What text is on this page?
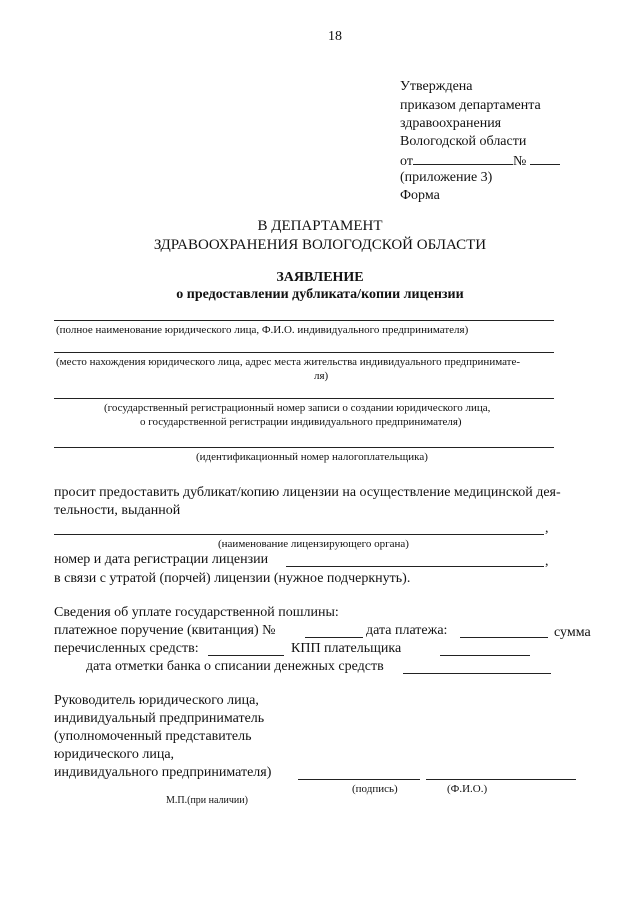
18
Утверждена
приказом департамента
здравоохранения
Вологодской области
от	№
(приложение 3)
Форма
В ДЕПАРТАМЕНТ
ЗДРАВООХРАНЕНИЯ ВОЛОГОДСКОЙ ОБЛАСТИ
ЗАЯВЛЕНИЕ
о предоставлении дубликата/копии лицензии
(полное наименование юридического лица, Ф.И.О. индивидуального предпринимателя)
(место нахождения юридического лица, адрес места жительства индивидуального предпринимате-
ля)
(государственный регистрационный номер записи о создании юридического лица,
о государственной регистрации индивидуального предпринимателя)
(идентификационный номер налогоплательщика)
просит предоставить дубликат/копию лицензии на осуществление медицинской дея-
тельности, выданной
,
(наименование лицензирующего органа)
номер и дата регистрации лицензии	,
в связи с утратой (порчей) лицензии (нужное подчеркнуть).
Сведения об уплате государственной пошлины:
платежное поручение (квитанция) №	дата платежа:	сумма
перечисленных средств:	КПП плательщика
дата отметки банка о списании денежных средств
Руководитель юридического лица,
индивидуальный предприниматель
(уполномоченный представитель
юридического лица,
индивидуального предпринимателя)
(подпись)	(Ф.И.О.)
М.П.(при наличии)
